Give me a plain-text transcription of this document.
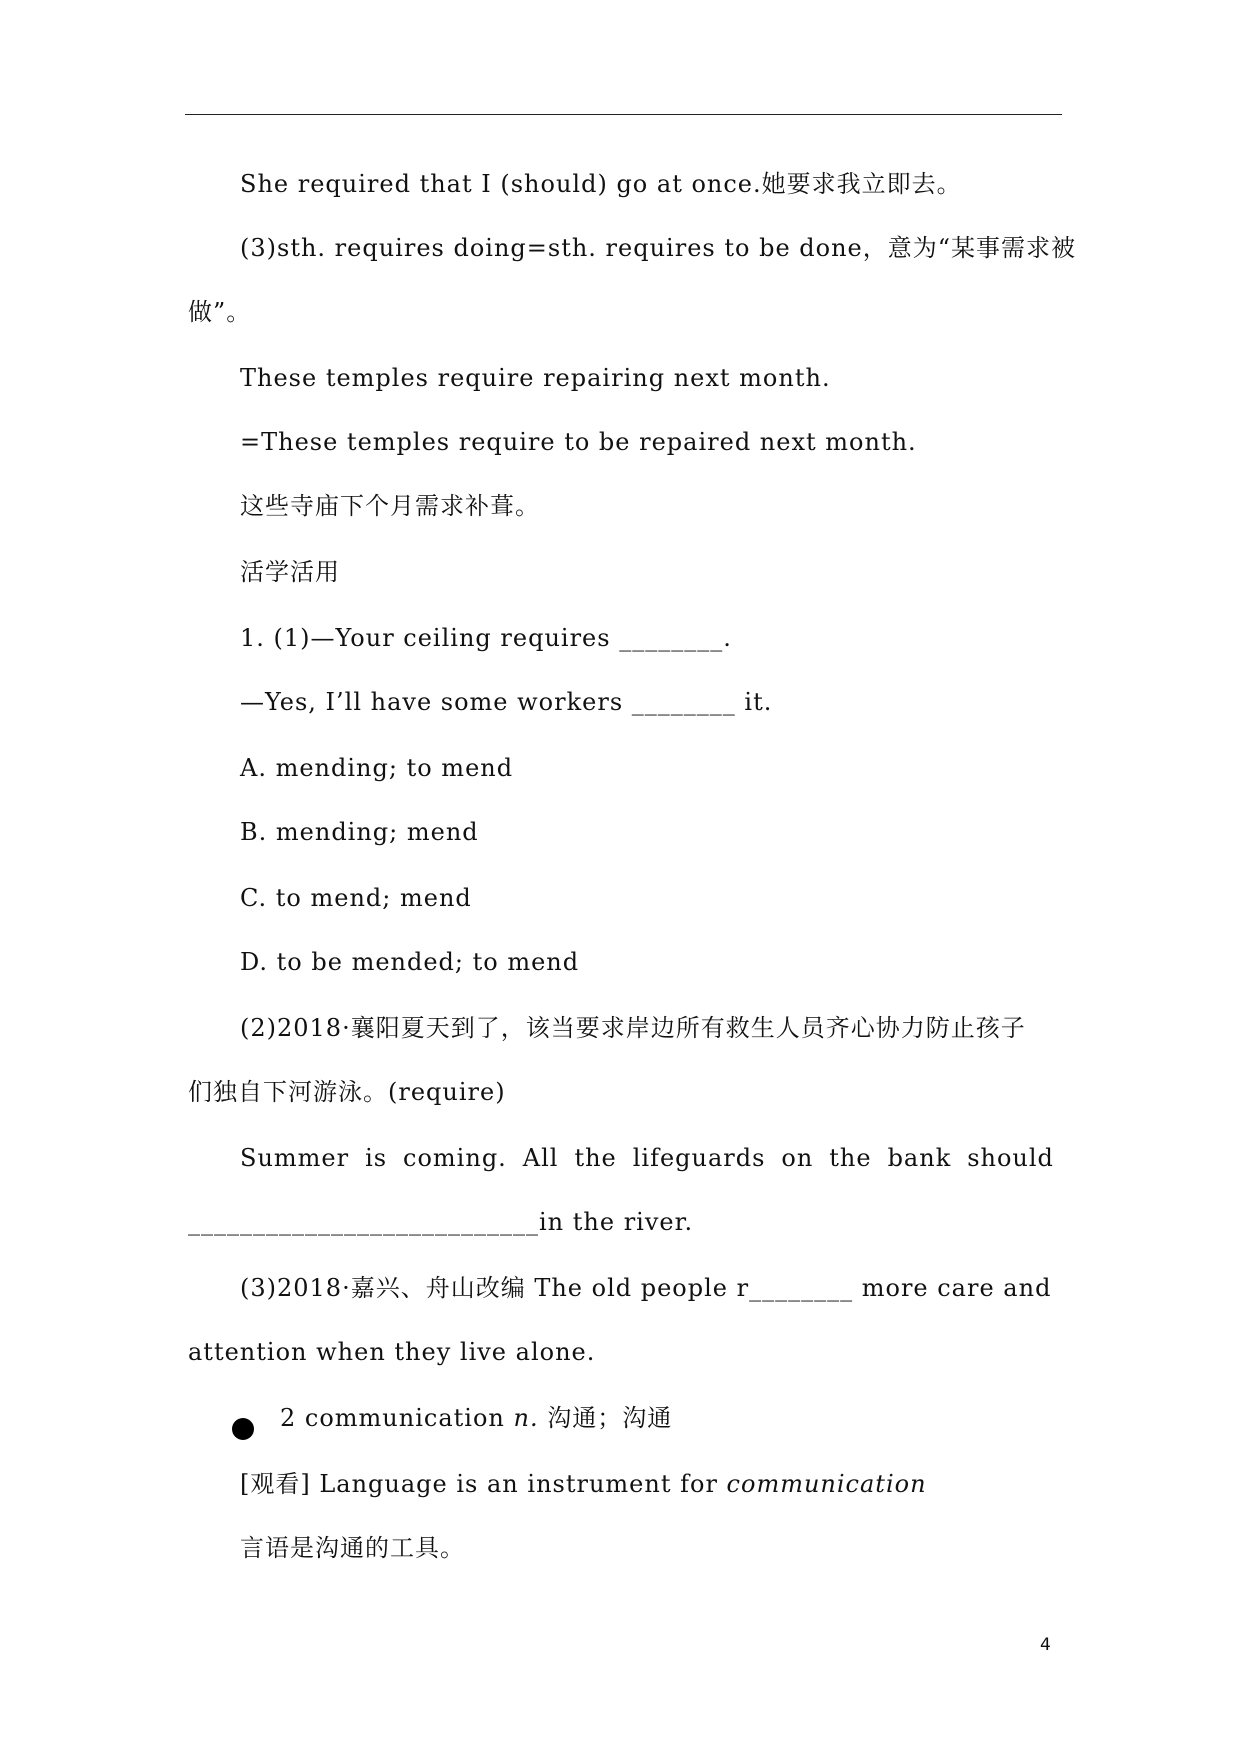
She required that I (should) go at once.她要求我立即去。

(3)sth. requires doing=sth. requires to be done，意为“某事需求被

做”。

These temples require repairing next month.

=These temples require to be repaired next month.

这些寺庙下个月需求补葺。

活学活用

1. (1)—Your ceiling requires ________.

—Yes, I’ll have some workers ________ it.

A. mending; to mend

B. mending; mend

C. to mend; mend

D. to be mended; to mend

(2)2018·襄阳夏天到了，该当要求岸边所有救生人员齐心协力防止孩子

们独自下河游泳。(require)

Summer is coming. All the lifeguards on the bank should

___________________________in the river.

(3)2018·嘉兴、舟山改编 The old people r________ more care and

attention when they live alone.

2 communication n. 沟通；沟通

[观看] Language is an instrument for communication

言语是沟通的工具。

4
